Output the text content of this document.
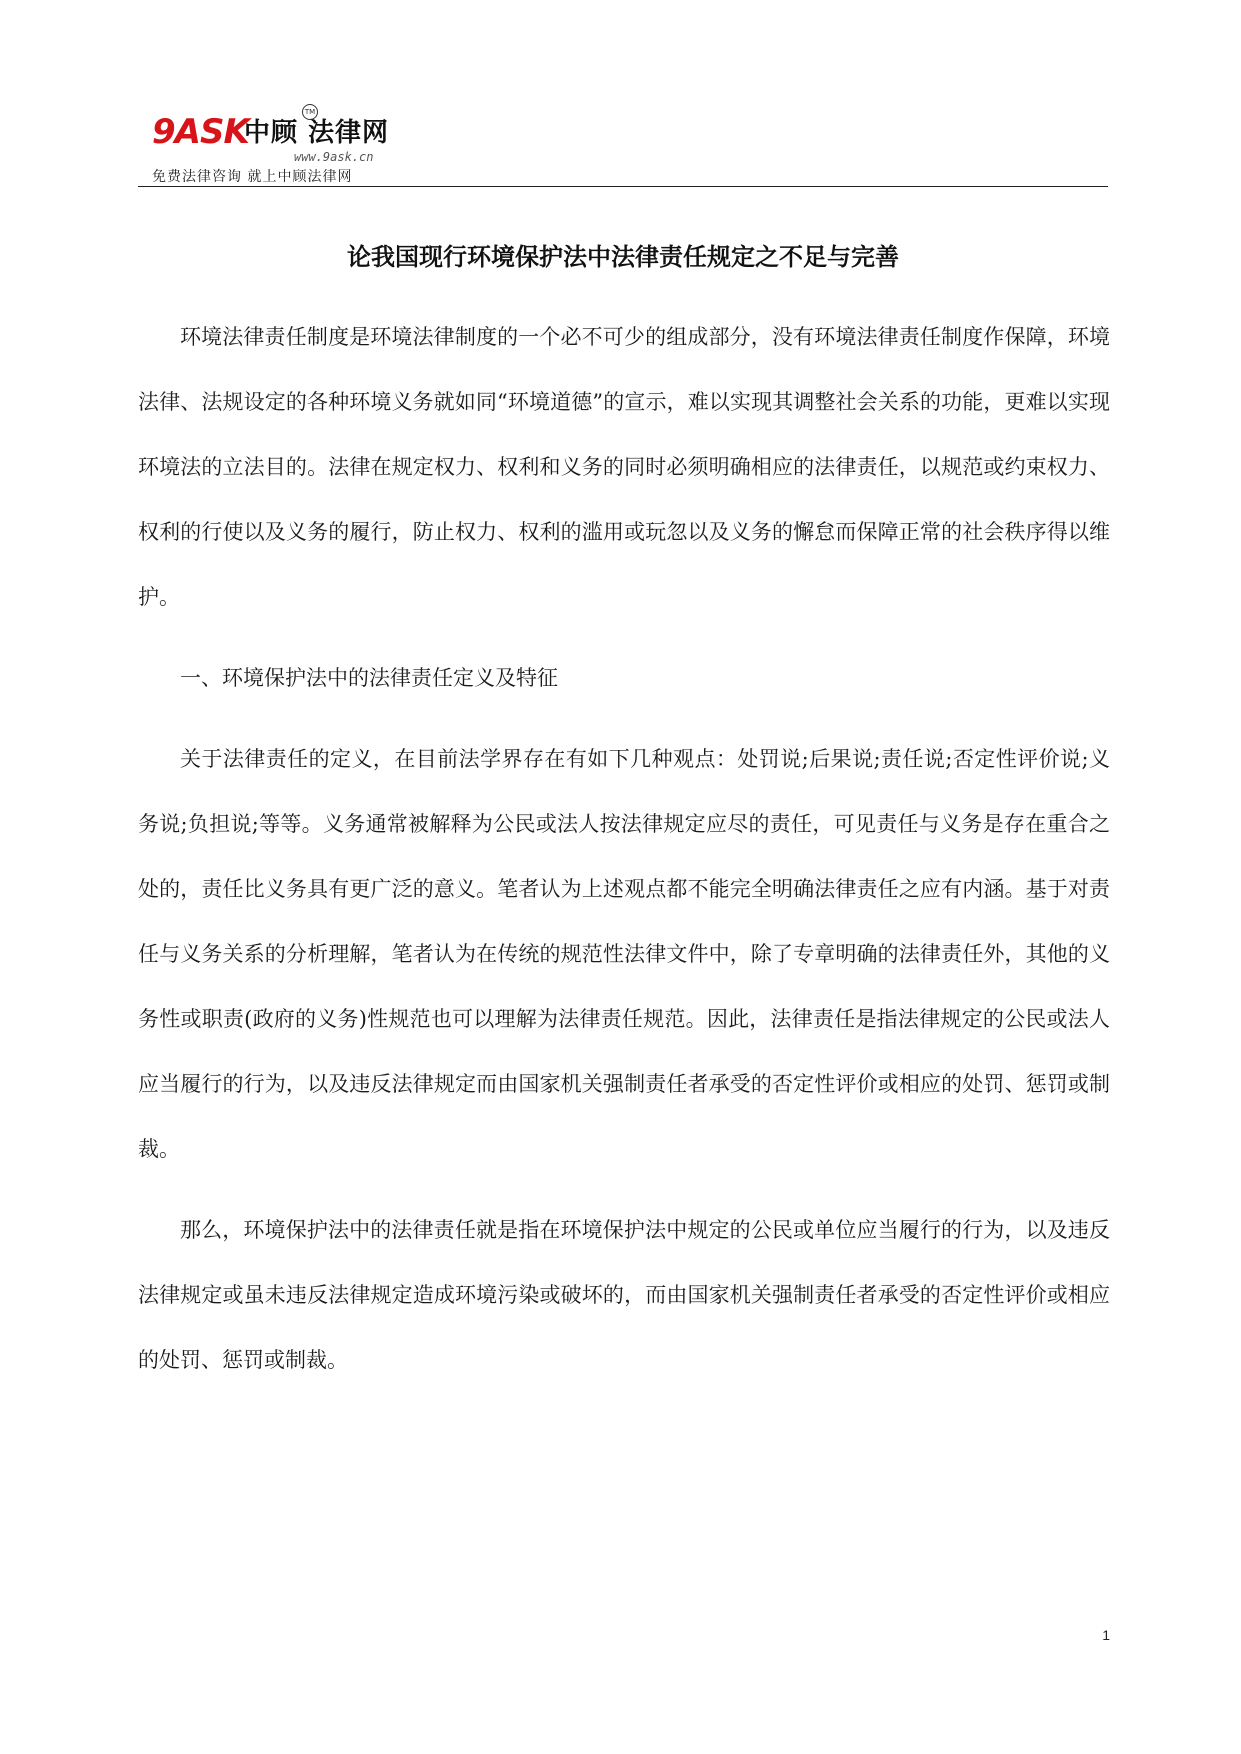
9ASK
中顾 法律网
TM
www.9ask.cn
免费法律咨询 就上中顾法律网
论我国现行环境保护法中法律责任规定之不足与完善

环境法律责任制度是环境法律制度的一个必不可少的组成部分，没有环境法律责任制度作保障，环境法律、法规设定的各种环境义务就如同“环境道德”的宣示，难以实现其调整社会关系的功能，更难以实现环境法的立法目的。法律在规定权力、权利和义务的同时必须明确相应的法律责任，以规范或约束权力、权利的行使以及义务的履行，防止权力、权利的滥用或玩忽以及义务的懈怠而保障正常的社会秩序得以维护。

一、环境保护法中的法律责任定义及特征

关于法律责任的定义，在目前法学界存在有如下几种观点：处罚说;后果说;责任说;否定性评价说;义务说;负担说;等等。义务通常被解释为公民或法人按法律规定应尽的责任，可见责任与义务是存在重合之处的，责任比义务具有更广泛的意义。笔者认为上述观点都不能完全明确法律责任之应有内涵。基于对责任与义务关系的分析理解，笔者认为在传统的规范性法律文件中，除了专章明确的法律责任外，其他的义务性或职责(政府的义务)性规范也可以理解为法律责任规范。因此，法律责任是指法律规定的公民或法人应当履行的行为，以及违反法律规定而由国家机关强制责任者承受的否定性评价或相应的处罚、惩罚或制裁。

那么，环境保护法中的法律责任就是指在环境保护法中规定的公民或单位应当履行的行为，以及违反法律规定或虽未违反法律规定造成环境污染或破坏的，而由国家机关强制责任者承受的否定性评价或相应的处罚、惩罚或制裁。

1
